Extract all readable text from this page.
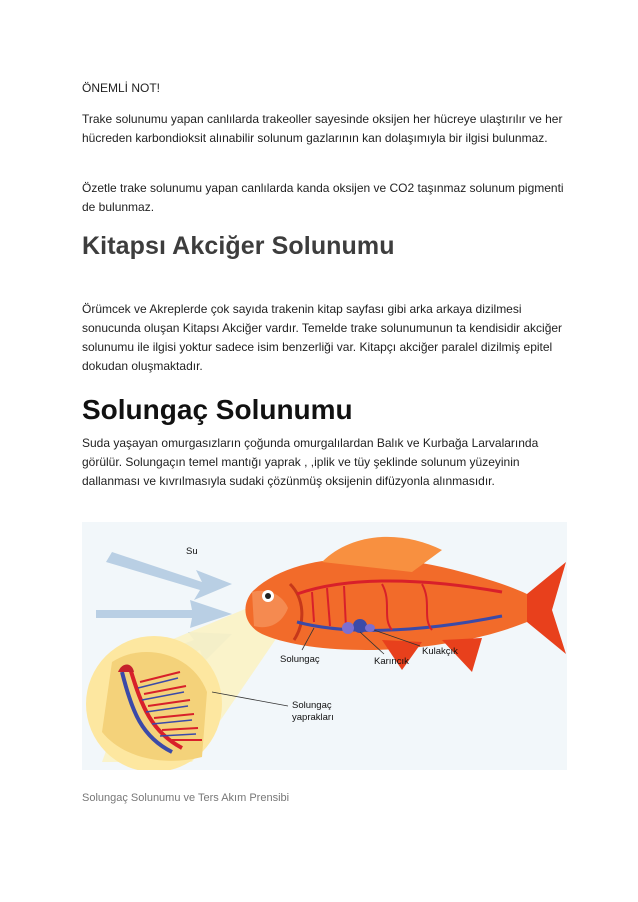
ÖNEMLİ NOT!

Trake solunumu yapan canlılarda trakeoller sayesinde oksijen her hücreye ulaştırılır ve her hücreden karbondioksit alınabilir solunum gazlarının kan dolaşımıyla bir ilgisi bulunmaz.

Özetle trake solunumu yapan canlılarda kanda oksijen ve CO2 taşınmaz solunum pigmenti de bulunmaz.

Kitapsı Akciğer Solunumu

Örümcek ve Akreplerde çok sayıda trakenin kitap sayfası gibi arka arkaya dizilmesi sonucunda oluşan Kitapsı Akciğer vardır. Temelde trake solunumunun ta kendisidir akciğer solunumu ile ilgisi yoktur sadece isim benzerliği var. Kitapçı akciğer paralel dizilmiş epitel dokudan oluşmaktadır.

Solungaç Solunumu

Suda yaşayan omurgasızların çoğunda omurgalılardan Balık ve Kurbağa Larvalarında görülür. Solungaçın temel mantığı yaprak , ,iplik ve tüy şeklinde solunum yüzeyinin dallanması ve kıvrılmasıyla sudaki çözünmüş oksijenin difüzyonla alınmasıdır.

Su
Solungaç	Karıncık
Kulakçık
Solungaç
yaprakları
Solungaç Solunumu ve Ters Akım Prensibi
